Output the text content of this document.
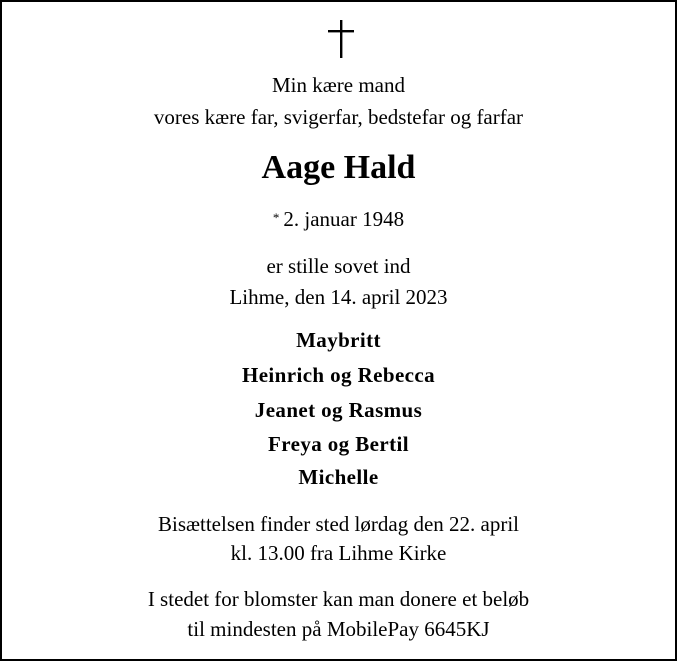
Min kære mand
vores kære far, svigerfar, bedstefar og farfar
Aage Hald
* 2. januar 1948
er stille sovet ind
Lihme, den 14. april 2023
Maybritt
Heinrich og Rebecca
Jeanet og Rasmus
Freya og Bertil
Michelle
Bisættelsen finder sted lørdag den 22. april
kl. 13.00 fra Lihme Kirke
I stedet for blomster kan man donere et beløb
til mindesten på MobilePay 6645KJ
